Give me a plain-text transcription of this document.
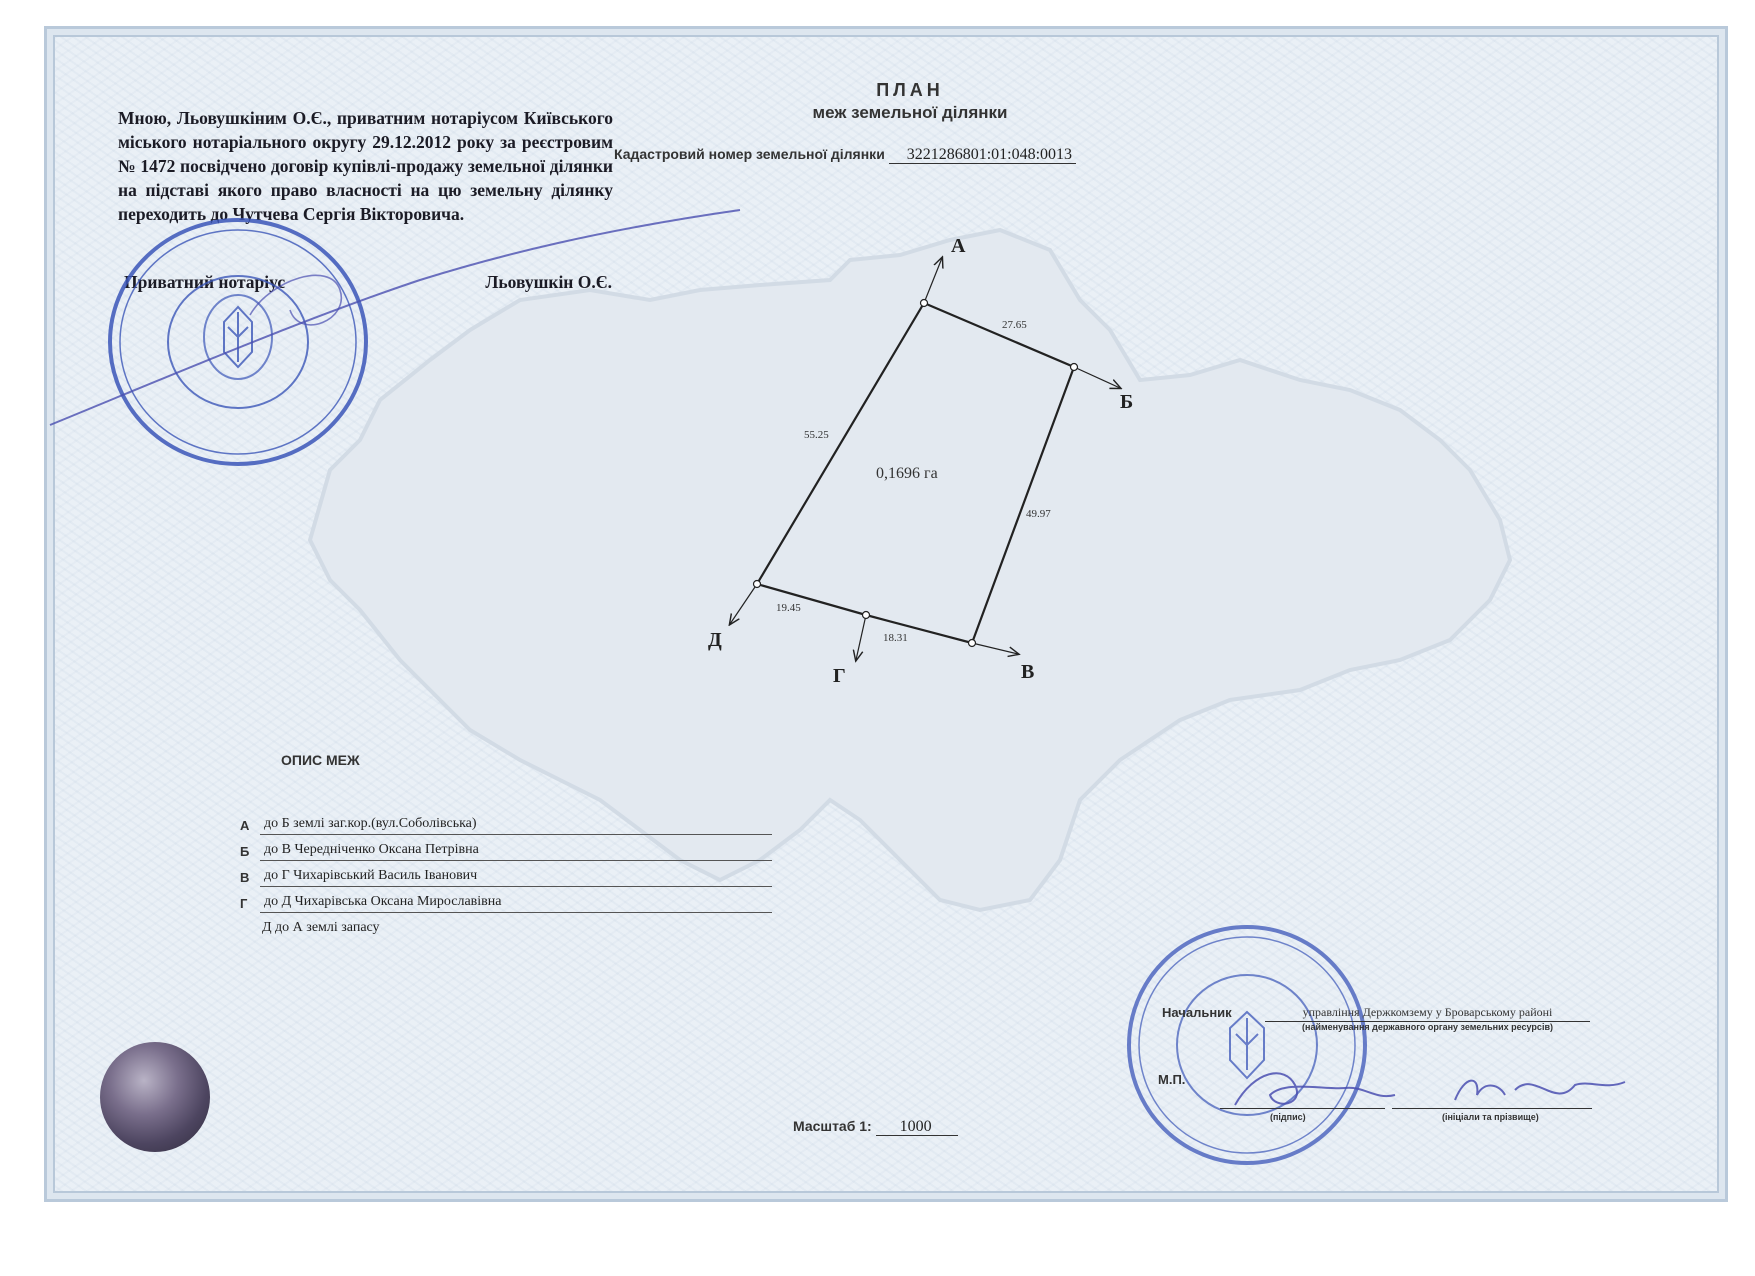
Мною, Льовушкіним О.Є., приватним нотаріусом Київського міського нотаріального округу 29.12.2012 року за реєстровим № 1472 посвідчено договір купівлі-продажу земельної ділянки на підставі якого право власності на цю земельну ділянку переходить до Чутчева Сергія Вікторовича.
Приватний нотаріус	Льовушкін О.Є.
ПЛАН
меж земельної ділянки
Кадастровий номер земельної ділянки 3221286801:01:048:0013
А
Б
В
Г
Д
27.65
49.97
18.31
19.45
55.25
0,1696 га
ОПИС МЕЖ
А до Б землі заг.кор.(вул.Соболівська)
Б до В Чередніченко Оксана Петрівна
В до Г Чихарівський Василь Іванович
Г до Д Чихарівська Оксана Мирославівна
Д до А землі запасу
Масштаб 1: 1000
Начальник	управління Держкомзему у Броварському районі
(найменування державного органу земельних ресурсів)
М.П.
(підпис)	(ініціали та прізвище)
